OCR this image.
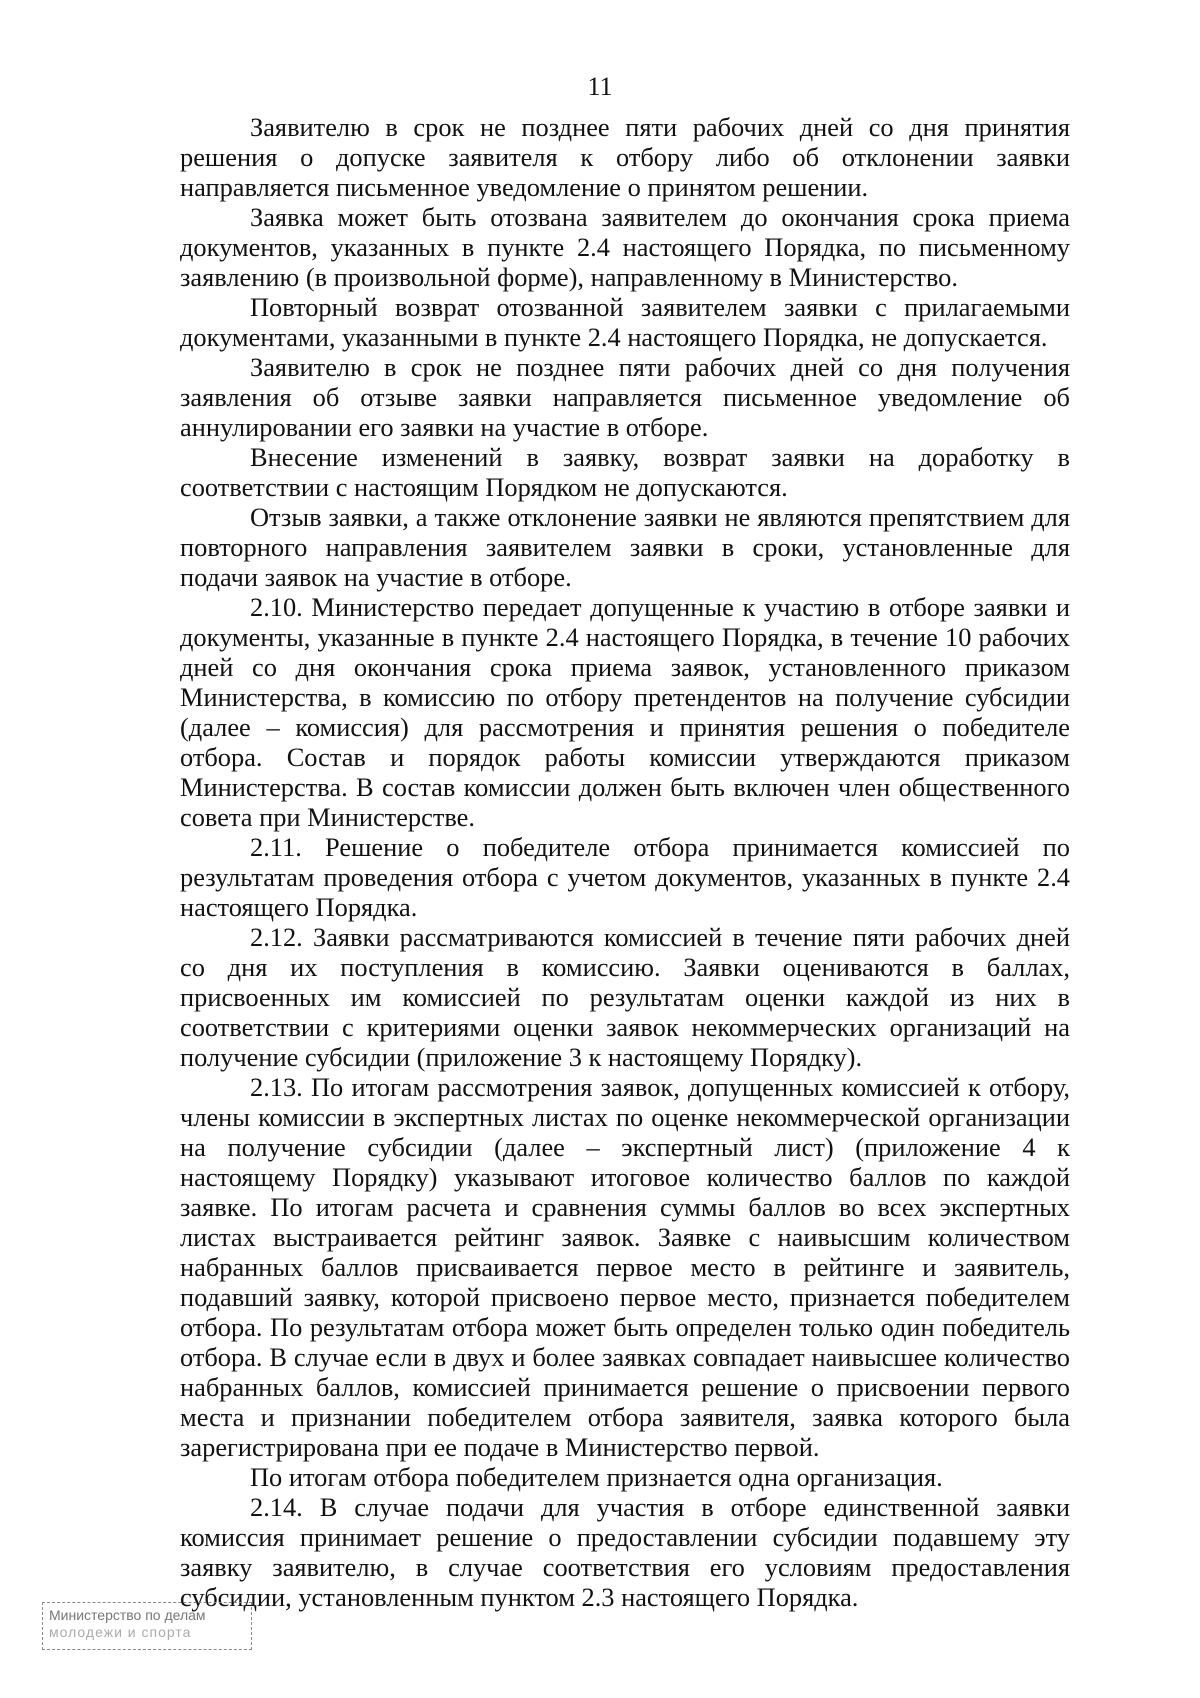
11

Заявителю в срок не позднее пяти рабочих дней со дня принятия решения о допуске заявителя к отбору либо об отклонении заявки направляется письменное уведомление о принятом решении.

Заявка может быть отозвана заявителем до окончания срока приема документов, указанных в пункте 2.4 настоящего Порядка, по письменному заявлению (в произвольной форме), направленному в Министерство.

Повторный возврат отозванной заявителем заявки с прилагаемыми документами, указанными в пункте 2.4 настоящего Порядка, не допускается.

Заявителю в срок не позднее пяти рабочих дней со дня получения заявления об отзыве заявки направляется письменное уведомление об аннулировании его заявки на участие в отборе.

Внесение изменений в заявку, возврат заявки на доработку в соответствии с настоящим Порядком не допускаются.

Отзыв заявки, а также отклонение заявки не являются препятствием для повторного направления заявителем заявки в сроки, установленные для подачи заявок на участие в отборе.

2.10. Министерство передает допущенные к участию в отборе заявки и документы, указанные в пункте 2.4 настоящего Порядка, в течение 10 рабочих дней со дня окончания срока приема заявок, установленного приказом Министерства, в комиссию по отбору претендентов на получение субсидии (далее – комиссия) для рассмотрения и принятия решения о победителе отбора. Состав и порядок работы комиссии утверждаются приказом Министерства. В состав комиссии должен быть включен член общественного совета при Министерстве.

2.11. Решение о победителе отбора принимается комиссией по результатам проведения отбора с учетом документов, указанных в пункте 2.4 настоящего Порядка.

2.12. Заявки рассматриваются комиссией в течение пяти рабочих дней со дня их поступления в комиссию. Заявки оцениваются в баллах, присвоенных им комиссией по результатам оценки каждой из них в соответствии с критериями оценки заявок некоммерческих организаций на получение субсидии (приложение 3 к настоящему Порядку).

2.13. По итогам рассмотрения заявок, допущенных комиссией к отбору, члены комиссии в экспертных листах по оценке некоммерческой организации на получение субсидии (далее – экспертный лист) (приложение 4 к настоящему Порядку) указывают итоговое количество баллов по каждой заявке. По итогам расчета и сравнения суммы баллов во всех экспертных листах выстраивается рейтинг заявок. Заявке с наивысшим количеством набранных баллов присваивается первое место в рейтинге и заявитель, подавший заявку, которой присвоено первое место, признается победителем отбора. По результатам отбора может быть определен только один победитель отбора. В случае если в двух и более заявках совпадает наивысшее количество набранных баллов, комиссией принимается решение о присвоении первого места и признании победителем отбора заявителя, заявка которого была зарегистрирована при ее подаче в Министерство первой.

По итогам отбора победителем признается одна организация.

2.14. В случае подачи для участия в отборе единственной заявки комиссия принимает решение о предоставлении субсидии подавшему эту заявку заявителю, в случае соответствия его условиям предоставления субсидии, установленным пунктом 2.3 настоящего Порядка.

Министерство по делам
молодежи и спорта
